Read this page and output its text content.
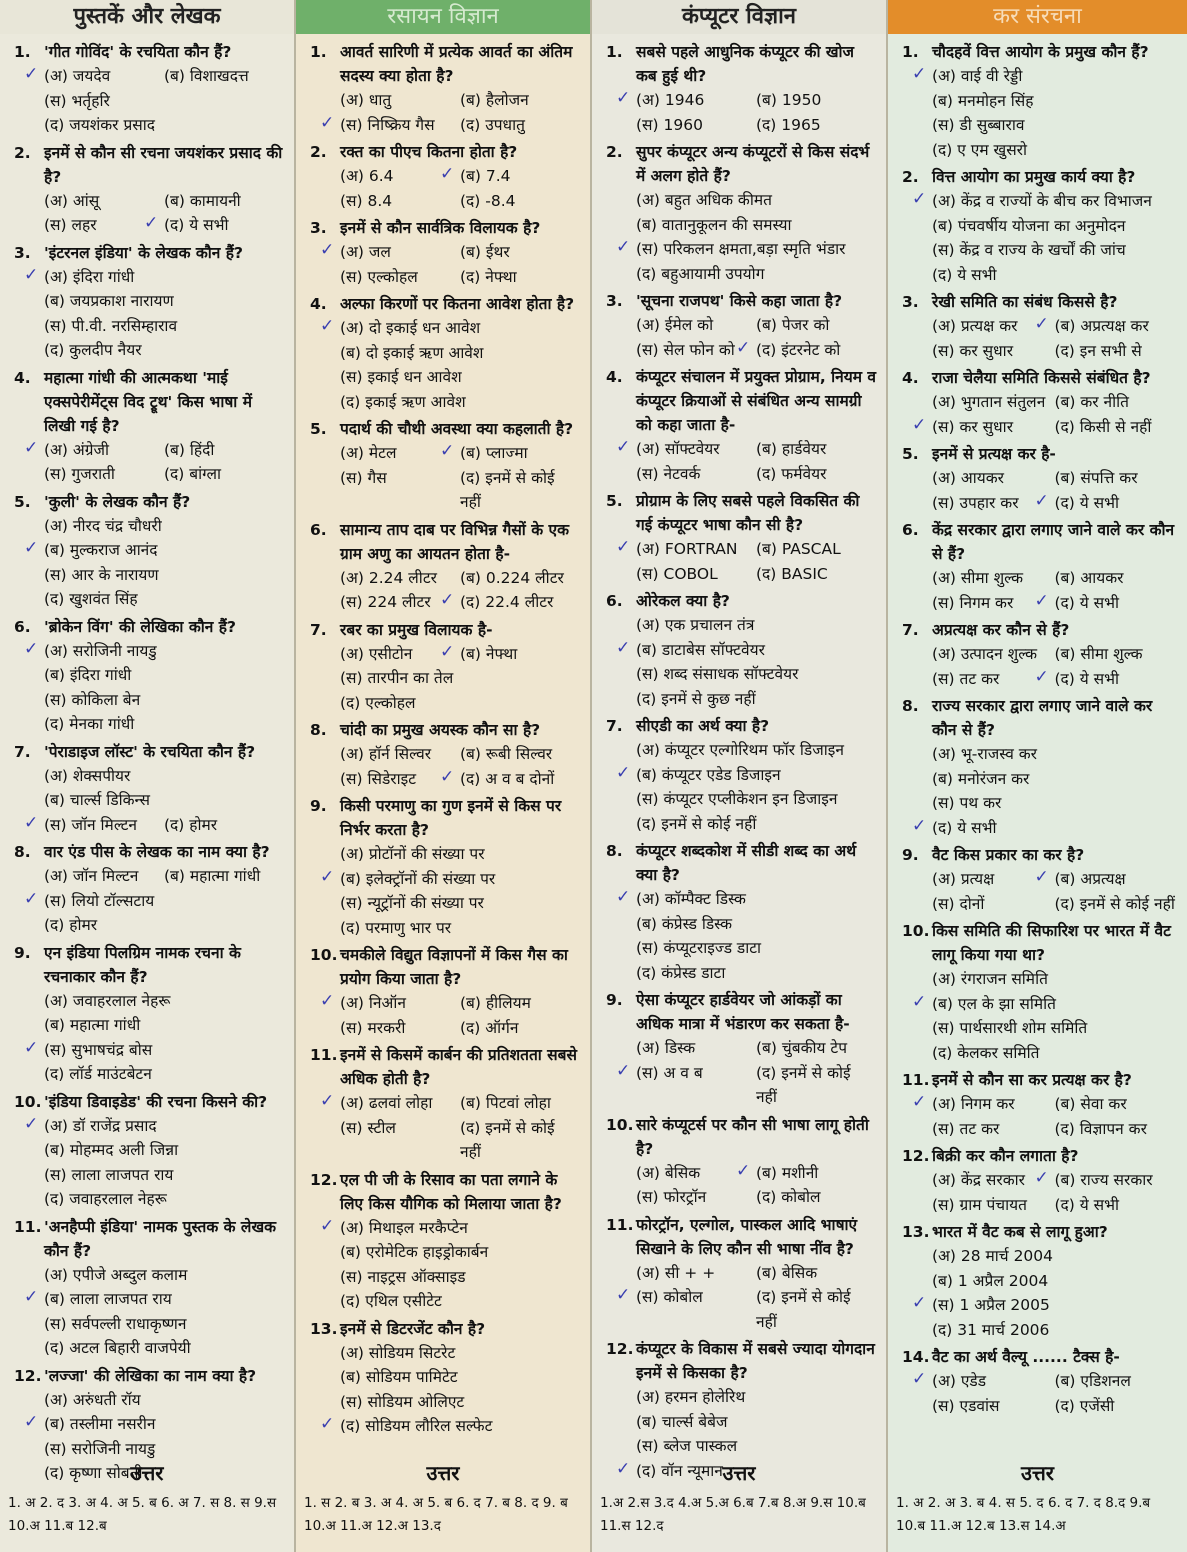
पुस्तकें और लेखक
1. 'गीत गोविंद' के रचयिता कौन हैं?
✓ (अ) जयदेव	(ब) विशाखदत्त
(स) भर्तृहरि
(द) जयशंकर प्रसाद
2. इनमें से कौन सी रचना जयशंकर प्रसाद की है?
(अ) आंसू	(ब) कामायनी
(स) लहर	✓ (द) ये सभी
3. 'इंटरनल इंडिया' के लेखक कौन हैं?
✓ (अ) इंदिरा गांधी
(ब) जयप्रकाश नारायण
(स) पी.वी. नरसिम्हाराव
(द) कुलदीप नैयर
4. महात्मा गांधी की आत्मकथा 'माई एक्सपेरीमेंट्स विद ट्रूथ' किस भाषा में लिखी गई है?
✓ (अ) अंग्रेजी	(ब) हिंदी
(स) गुजराती	(द) बांग्ला
5. 'कुली' के लेखक कौन हैं?
(अ) नीरद चंद्र चौधरी
✓ (ब) मुल्कराज आनंद
(स) आर के नारायण
(द) खुशवंत सिंह
6. 'ब्रोकेन विंग' की लेखिका कौन हैं?
✓ (अ) सरोजिनी नायडु
(ब) इंदिरा गांधी
(स) कोकिला बेन
(द) मेनका गांधी
7. 'पेराडाइज लॉस्ट' के रचयिता कौन हैं?
(अ) शेक्सपीयर
(ब) चार्ल्स डिकिन्स
✓ (स) जॉन मिल्टन	(द) होमर
8. वार एंड पीस के लेखक का नाम क्या है?
(अ) जॉन मिल्टन	(ब) महात्मा गांधी
✓ (स) लियो टॉल्सटाय
(द) होमर
9. एन इंडिया पिलग्रिम नामक रचना के रचनाकार कौन हैं?
(अ) जवाहरलाल नेहरू
(ब) महात्मा गांधी
✓ (स) सुभाषचंद्र बोस
(द) लॉर्ड माउंटबेटन
10. 'इंडिया डिवाइडेड' की रचना किसने की?
✓ (अ) डॉ राजेंद्र प्रसाद
(ब) मोहम्मद अली जिन्ना
(स) लाला लाजपत राय
(द) जवाहरलाल नेहरू
11. 'अनहैप्पी इंडिया' नामक पुस्तक के लेखक कौन हैं?
(अ) एपीजे अब्दुल कलाम
✓ (ब) लाला लाजपत राय
(स) सर्वपल्ली राधाकृष्णन
(द) अटल बिहारी वाजपेयी
12. 'लज्जा' की लेखिका का नाम क्या है?
(अ) अरुंधती रॉय
✓ (ब) तस्लीमा नसरीन
(स) सरोजिनी नायडु
(द) कृष्णा सोबती
उत्तर
1. अ 2. द 3. अ 4. अ 5. ब 6. अ 7. स 8. स 9.स 10.अ 11.ब 12.ब
रसायन विज्ञान
1. आवर्त सारिणी में प्रत्येक आवर्त का अंतिम सदस्य क्या होता है?
(अ) धातु	(ब) हैलोजन
✓ (स) निष्क्रिय गैस	(द) उपधातु
2. रक्त का पीएच कितना होता है?
(अ) 6.4	✓ (ब) 7.4
(स) 8.4	(द) -8.4
3. इनमें से कौन सार्वत्रिक विलायक है?
✓ (अ) जल	(ब) ईथर
(स) एल्कोहल	(द) नेफ्था
4. अल्फा किरणों पर कितना आवेश होता है?
✓ (अ) दो इकाई धन आवेश
(ब) दो इकाई ऋण आवेश
(स) इकाई धन आवेश
(द) इकाई ऋण आवेश
5. पदार्थ की चौथी अवस्था क्या कहलाती है?
(अ) मेटल	✓ (ब) प्लाज्मा
(स) गैस	(द) इनमें से कोई नहीं
6. सामान्य ताप दाब पर विभिन्न गैसों के एक ग्राम अणु का आयतन होता है-
(अ) 2.24 लीटर	(ब) 0.224 लीटर
(स) 224 लीटर	✓ (द) 22.4 लीटर
7. रबर का प्रमुख विलायक है-
(अ) एसीटोन	✓ (ब) नेफ्था
(स) तारपीन का तेल
(द) एल्कोहल
8. चांदी का प्रमुख अयस्क कौन सा है?
(अ) हॉर्न सिल्वर	(ब) रूबी सिल्वर
(स) सिडेराइट	✓ (द) अ व ब दोनों
9. किसी परमाणु का गुण इनमें से किस पर निर्भर करता है?
(अ) प्रोटॉनों की संख्या पर
✓ (ब) इलेक्ट्रॉनों की संख्या पर
(स) न्यूट्रॉनों की संख्या पर
(द) परमाणु भार पर
10. चमकीले विद्युत विज्ञापनों में किस गैस का प्रयोग किया जाता है?
✓ (अ) निऑन	(ब) हीलियम
(स) मरकरी	(द) ऑर्गन
11. इनमें से किसमें कार्बन की प्रतिशतता सबसे अधिक होती है?
✓ (अ) ढलवां लोहा	(ब) पिटवां लोहा
(स) स्टील	(द) इनमें से कोई नहीं
12. एल पी जी के रिसाव का पता लगाने के लिए किस यौगिक को मिलाया जाता है?
✓ (अ) मिथाइल मरकैप्टेन
(ब) एरोमेटिक हाइड्रोकार्बन
(स) नाइट्रस ऑक्साइड
(द) एथिल एसीटेट
13. इनमें से डिटरजेंट कौन है?
(अ) सोडियम सिटरेट
(ब) सोडियम पामिटेट
(स) सोडियम ओलिएट
✓ (द) सोडियम लौरिल सल्फेट
उत्तर
1. स 2. ब 3. अ 4. अ 5. ब 6. द 7. ब 8. द 9. ब 10.अ 11.अ 12.अ 13.द
कंप्यूटर विज्ञान
1. सबसे पहले आधुनिक कंप्यूटर की खोज कब हुई थी?
✓ (अ) 1946	(ब) 1950
(स) 1960	(द) 1965
2. सुपर कंप्यूटर अन्य कंप्यूटरों से किस संदर्भ में अलग होते हैं?
(अ) बहुत अधिक कीमत
(ब) वातानुकूलन की समस्या
✓ (स) परिकलन क्षमता,बड़ा स्मृति भंडार
(द) बहुआयामी उपयोग
3. 'सूचना राजपथ' किसे कहा जाता है?
(अ) ईमेल को	(ब) पेजर को
(स) सेल फोन को	✓ (द) इंटरनेट को
4. कंप्यूटर संचालन में प्रयुक्त प्रोग्राम, नियम व कंप्यूटर क्रियाओं से संबंधित अन्य सामग्री को कहा जाता है-
✓ (अ) सॉफ्टवेयर	(ब) हार्डवेयर
(स) नेटवर्क	(द) फर्मवेयर
5. प्रोग्राम के लिए सबसे पहले विकसित की गई कंप्यूटर भाषा कौन सी है?
✓ (अ) FORTRAN	(ब) PASCAL
(स) COBOL	(द) BASIC
6. ओरेकल क्या है?
(अ) एक प्रचालन तंत्र
✓ (ब) डाटाबेस सॉफ्टवेयर
(स) शब्द संसाधक सॉफ्टवेयर
(द) इनमें से कुछ नहीं
7. सीएडी का अर्थ क्या है?
(अ) कंप्यूटर एल्गोरिथम फॉर डिजाइन
✓ (ब) कंप्यूटर एडेड डिजाइन
(स) कंप्यूटर एप्लीकेशन इन डिजाइन
(द) इनमें से कोई नहीं
8. कंप्यूटर शब्दकोश में सीडी शब्द का अर्थ क्या है?
✓ (अ) कॉम्पैक्ट डिस्क
(ब) कंप्रेस्ड डिस्क
(स) कंप्यूटराइज्ड डाटा
(द) कंप्रेस्ड डाटा
9. ऐसा कंप्यूटर हार्डवेयर जो आंकड़ों का अधिक मात्रा में भंडारण कर सकता है-
(अ) डिस्क	(ब) चुंबकीय टेप
✓ (स) अ व ब	(द) इनमें से कोई नहीं
10. सारे कंप्यूटर्स पर कौन सी भाषा लागू होती है?
(अ) बेसिक	✓ (ब) मशीनी
(स) फोरट्रॉन	(द) कोबोल
11. फोरट्रॉन, एल्गोल, पास्कल आदि भाषाएं सिखाने के लिए कौन सी भाषा नींव है?
(अ) सी + +	(ब) बेसिक
✓ (स) कोबोल	(द) इनमें से कोई नहीं
12. कंप्यूटर के विकास में सबसे ज्यादा योगदान इनमें से किसका है?
(अ) हरमन होलेरिथ
(ब) चार्ल्स बेबेज
(स) ब्लेज पास्कल
✓ (द) वॉन न्यूमान उत्तर
1.अ 2.स 3.द 4.अ 5.अ 6.ब 7.ब 8.अ 9.स 10.ब 11.स 12.द
कर संरचना
1. चौदहवें वित्त आयोग के प्रमुख कौन हैं?
✓ (अ) वाई वी रेड्डी
(ब) मनमोहन सिंह
(स) डी सुब्बाराव
(द) ए एम खुसरो
2. वित्त आयोग का प्रमुख कार्य क्या है?
✓ (अ) केंद्र व राज्यों के बीच कर विभाजन
(ब) पंचवर्षीय योजना का अनुमोदन
(स) केंद्र व राज्य के खर्चों की जांच
(द) ये सभी
3. रेखी समिति का संबंध किससे है?
(अ) प्रत्यक्ष कर	✓ (ब) अप्रत्यक्ष कर
(स) कर सुधार	(द) इन सभी से
4. राजा चेलैया समिति किससे संबंधित है?
(अ) भुगतान संतुलन (ब) कर नीति
✓ (स) कर सुधार	(द) किसी से नहीं
5. इनमें से प्रत्यक्ष कर है-
(अ) आयकर	(ब) संपत्ति कर
(स) उपहार कर	✓ (द) ये सभी
6. केंद्र सरकार द्वारा लगाए जाने वाले कर कौन से हैं?
(अ) सीमा शुल्क	(ब) आयकर
(स) निगम कर	✓ (द) ये सभी
7. अप्रत्यक्ष कर कौन से हैं?
(अ) उत्पादन शुल्क	(ब) सीमा शुल्क
(स) तट कर	✓ (द) ये सभी
8. राज्य सरकार द्वारा लगाए जाने वाले कर कौन से हैं?
(अ) भू-राजस्व कर
(ब) मनोरंजन कर
(स) पथ कर
✓ (द) ये सभी
9. वैट किस प्रकार का कर है?
(अ) प्रत्यक्ष	✓ (ब) अप्रत्यक्ष
(स) दोनों	(द) इनमें से कोई नहीं
10. किस समिति की सिफारिश पर भारत में वैट लागू किया गया था?
(अ) रंगराजन समिति
✓ (ब) एल के झा समिति
(स) पार्थसारथी शोम समिति
(द) केलकर समिति
11. इनमें से कौन सा कर प्रत्यक्ष कर है?
✓ (अ) निगम कर	(ब) सेवा कर
(स) तट कर	(द) विज्ञापन कर
12. बिक्री कर कौन लगाता है?
(अ) केंद्र सरकार	✓ (ब) राज्य सरकार
(स) ग्राम पंचायत	(द) ये सभी
13. भारत में वैट कब से लागू हुआ?
(अ) 28 मार्च 2004
(ब) 1 अप्रैल 2004
✓ (स) 1 अप्रैल 2005
(द) 31 मार्च 2006
14. वैट का अर्थ वैल्यू ...... टैक्स है-
✓ (अ) एडेड	(ब) एडिशनल
(स) एडवांस	(द) एजेंसी
उत्तर
1. अ 2. अ 3. ब 4. स 5. द 6. द 7. द 8.द 9.ब 10.ब 11.अ 12.ब 13.स 14.अ
